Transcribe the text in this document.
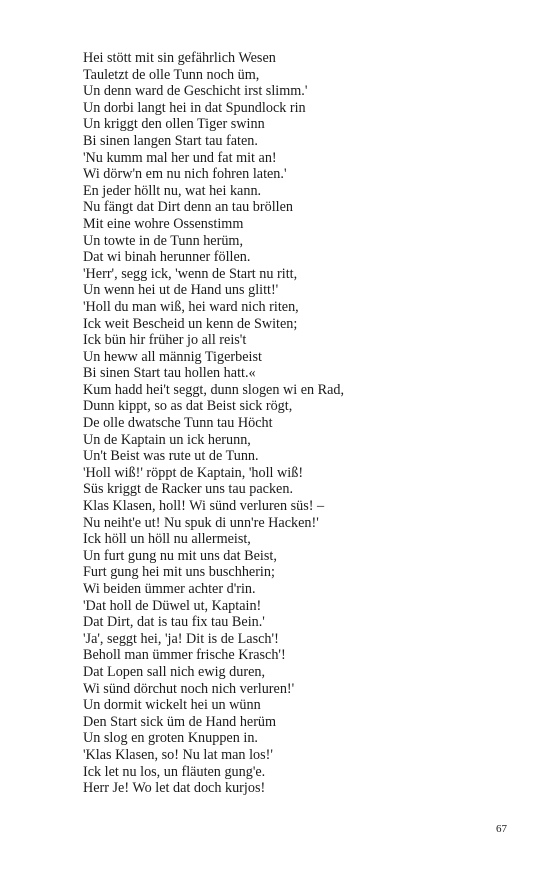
Hei stött mit sin gefährlich Wesen
Tauletzt de olle Tunn noch üm,
Un denn ward de Geschicht irst slimm.'
Un dorbi langt hei in dat Spundlock rin
Un kriggt den ollen Tiger swinn
Bi sinen langen Start tau faten.
'Nu kumm mal her und fat mit an!
Wi dörw'n em nu nich fohren laten.'
En jeder höllt nu, wat hei kann.
Nu fängt dat Dirt denn an tau bröllen
Mit eine wohre Ossenstimm
Un towte in de Tunn herüm,
Dat wi binah herunner föllen.
'Herr', segg ick, 'wenn de Start nu ritt,
Un wenn hei ut de Hand uns glitt!'
'Holl du man wiß, hei ward nich riten,
Ick weit Bescheid un kenn de Switen;
Ick bün hir früher jo all reis't
Un heww all männig Tigerbeist
Bi sinen Start tau hollen hatt.«
Kum hadd hei't seggt, dunn slogen wi en Rad,
Dunn kippt, so as dat Beist sick rögt,
De olle dwatsche Tunn tau Höcht
Un de Kaptain un ick herunn,
Un't Beist was rute ut de Tunn.
'Holl wiß!' röppt de Kaptain, 'holl wiß!
Süs kriggt de Racker uns tau packen.
Klas Klasen, holl! Wi sünd verluren süs! –
Nu neiht'e ut! Nu spuk di unn're Hacken!'
Ick höll un höll nu allermeist,
Un furt gung nu mit uns dat Beist,
Furt gung hei mit uns buschherin;
Wi beiden ümmer achter d'rin.
'Dat holl de Düwel ut, Kaptain!
Dat Dirt, dat is tau fix tau Bein.'
'Ja', seggt hei, 'ja! Dit is de Lasch'!
Beholl man ümmer frische Krasch'!
Dat Lopen sall nich ewig duren,
Wi sünd dörchut noch nich verluren!'
Un dormit wickelt hei un wünn
Den Start sick üm de Hand herüm
Un slog en groten Knuppen in.
'Klas Klasen, so! Nu lat man los!'
Ick let nu los, un fläuten gung'e.
Herr Je! Wo let dat doch kurjos!
67
